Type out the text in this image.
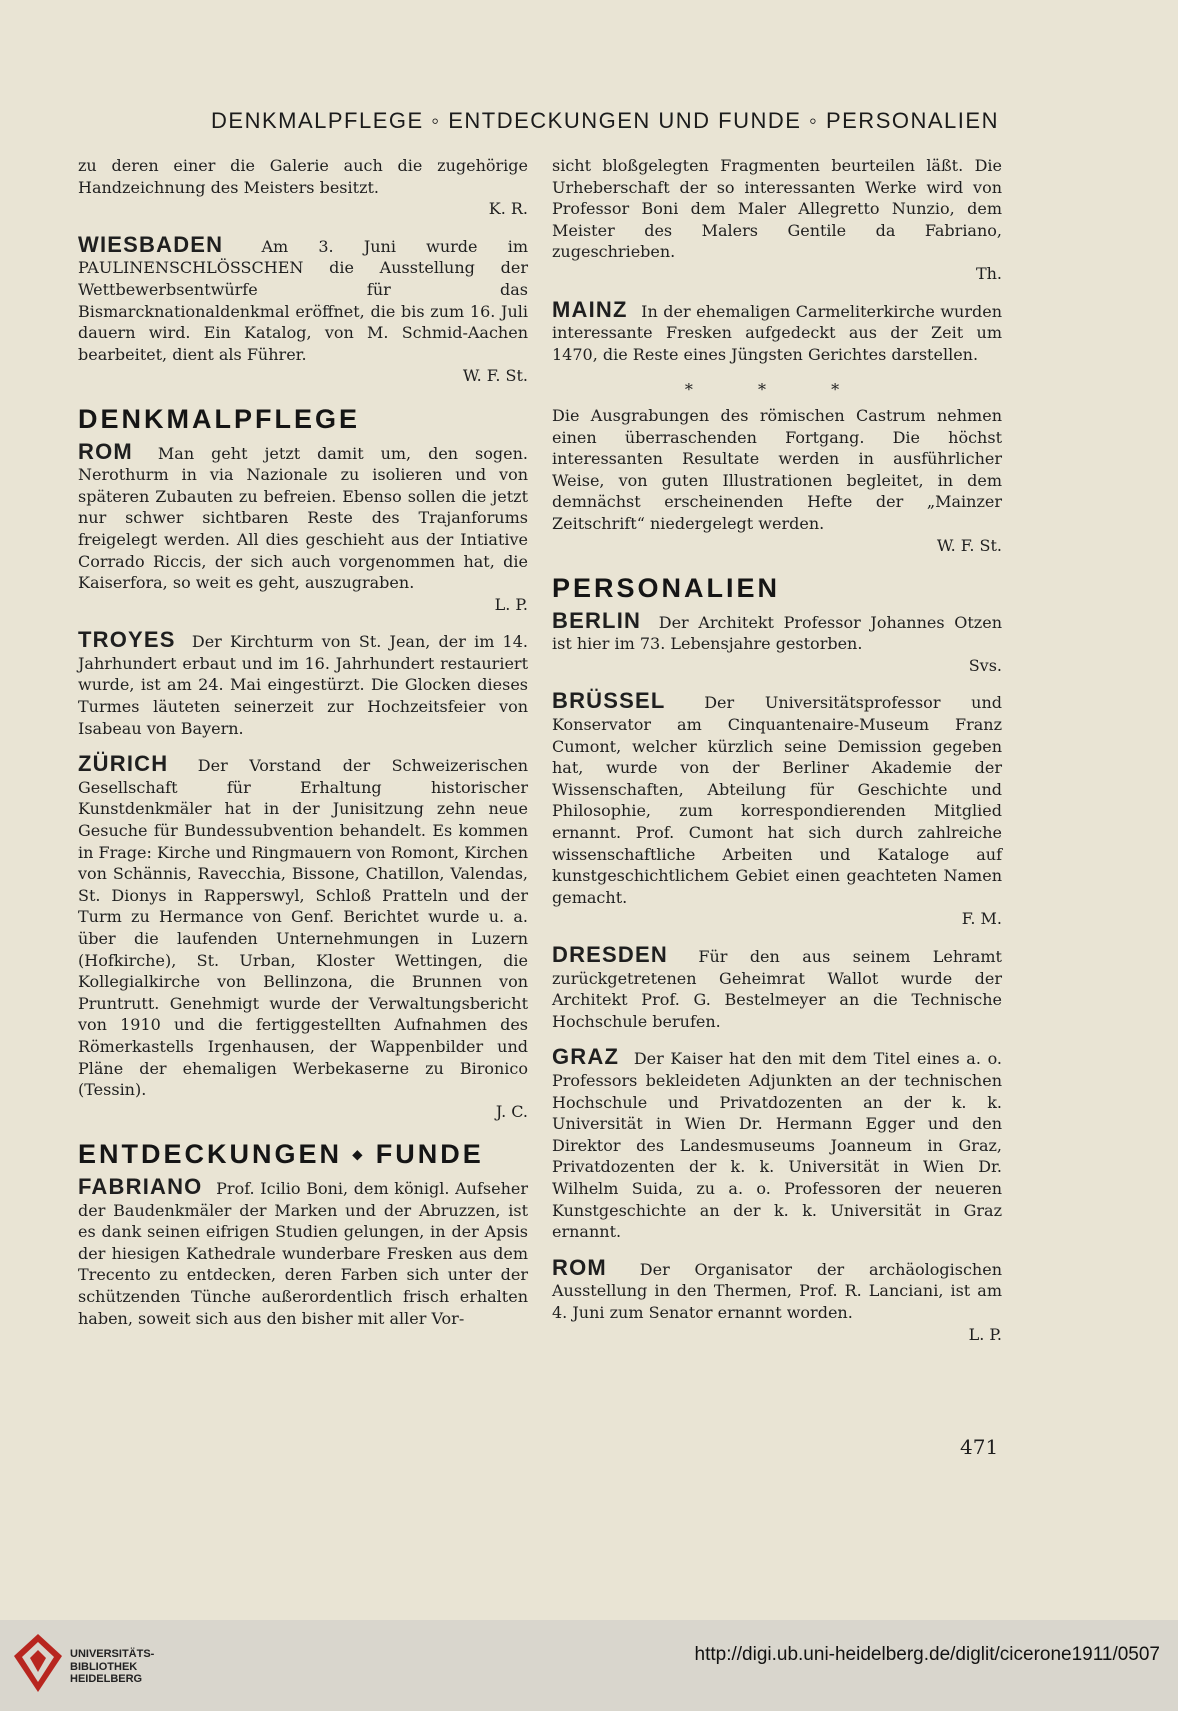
DENKMALPFLEGE ◦ ENTDECKUNGEN UND FUNDE ◦ PERSONALIEN

zu deren einer die Galerie auch die zugehörige Handzeichnung des Meisters besitzt.
K. R.

WIESBADEN Am 3. Juni wurde im PAULINENSCHLÖSSCHEN die Ausstellung der Wettbewerbsentwürfe für das Bismarcknationaldenkmal eröffnet, die bis zum 16. Juli dauern wird. Ein Katalog, von M. Schmid-Aachen bearbeitet, dient als Führer.
W. F. St.

DENKMALPFLEGE

ROM Man geht jetzt damit um, den sogen. Nerothurm in via Nazionale zu isolieren und von späteren Zubauten zu befreien. Ebenso sollen die jetzt nur schwer sichtbaren Reste des Trajanforums freigelegt werden. All dies geschieht aus der Intiative Corrado Riccis, der sich auch vorgenommen hat, die Kaiserfora, so weit es geht, auszugraben.
L. P.

TROYES Der Kirchturm von St. Jean, der im 14. Jahrhundert erbaut und im 16. Jahrhundert restauriert wurde, ist am 24. Mai eingestürzt. Die Glocken dieses Turmes läuteten seinerzeit zur Hochzeitsfeier von Isabeau von Bayern.

ZÜRICH Der Vorstand der Schweizerischen Gesellschaft für Erhaltung historischer Kunstdenkmäler hat in der Junisitzung zehn neue Gesuche für Bundessubvention behandelt. Es kommen in Frage: Kirche und Ringmauern von Romont, Kirchen von Schännis, Ravecchia, Bissone, Chatillon, Valendas, St. Dionys in Rapperswyl, Schloß Pratteln und der Turm zu Hermance von Genf. Berichtet wurde u. a. über die laufenden Unternehmungen in Luzern (Hofkirche), St. Urban, Kloster Wettingen, die Kollegialkirche von Bellinzona, die Brunnen von Pruntrutt. Genehmigt wurde der Verwaltungsbericht von 1910 und die fertiggestellten Aufnahmen des Römerkastells Irgenhausen, der Wappenbilder und Pläne der ehemaligen Werbekaserne zu Bironico (Tessin).
J. C.

ENTDECKUNGEN ⬩ FUNDE

FABRIANO Prof. Icilio Boni, dem königl. Aufseher der Baudenkmäler der Marken und der Abruzzen, ist es dank seinen eifrigen Studien gelungen, in der Apsis der hiesigen Kathedrale wunderbare Fresken aus dem Trecento zu entdecken, deren Farben sich unter der schützenden Tünche außerordentlich frisch erhalten haben, soweit sich aus den bisher mit aller Vor-

sicht bloßgelegten Fragmenten beurteilen läßt. Die Urheberschaft der so interessanten Werke wird von Professor Boni dem Maler Allegretto Nunzio, dem Meister des Malers Gentile da Fabriano, zugeschrieben.
Th.

MAINZ In der ehemaligen Carmeliterkirche wurden interessante Fresken aufgedeckt aus der Zeit um 1470, die Reste eines Jüngsten Gerichtes darstellen.

* * *

Die Ausgrabungen des römischen Castrum nehmen einen überraschenden Fortgang. Die höchst interessanten Resultate werden in ausführlicher Weise, von guten Illustrationen begleitet, in dem demnächst erscheinenden Hefte der „Mainzer Zeitschrift“ niedergelegt werden.
W. F. St.

PERSONALIEN

BERLIN Der Architekt Professor Johannes Otzen ist hier im 73. Lebensjahre gestorben.
Svs.

BRÜSSEL Der Universitätsprofessor und Konservator am Cinquantenaire-Museum Franz Cumont, welcher kürzlich seine Demission gegeben hat, wurde von der Berliner Akademie der Wissenschaften, Abteilung für Geschichte und Philosophie, zum korrespondierenden Mitglied ernannt. Prof. Cumont hat sich durch zahlreiche wissenschaftliche Arbeiten und Kataloge auf kunstgeschichtlichem Gebiet einen geachteten Namen gemacht.
F. M.

DRESDEN Für den aus seinem Lehramt zurückgetretenen Geheimrat Wallot wurde der Architekt Prof. G. Bestelmeyer an die Technische Hochschule berufen.

GRAZ Der Kaiser hat den mit dem Titel eines a. o. Professors bekleideten Adjunkten an der technischen Hochschule und Privatdozenten an der k. k. Universität in Wien Dr. Hermann Egger und den Direktor des Landesmuseums Joanneum in Graz, Privatdozenten der k. k. Universität in Wien Dr. Wilhelm Suida, zu a. o. Professoren der neueren Kunstgeschichte an der k. k. Universität in Graz ernannt.

ROM Der Organisator der archäologischen Ausstellung in den Thermen, Prof. R. Lanciani, ist am 4. Juni zum Senator ernannt worden.
L. P.

471
UNIVERSITÄTS-
BIBLIOTHEK
HEIDELBERG
http://digi.ub.uni-heidelberg.de/diglit/cicerone1911/0507
